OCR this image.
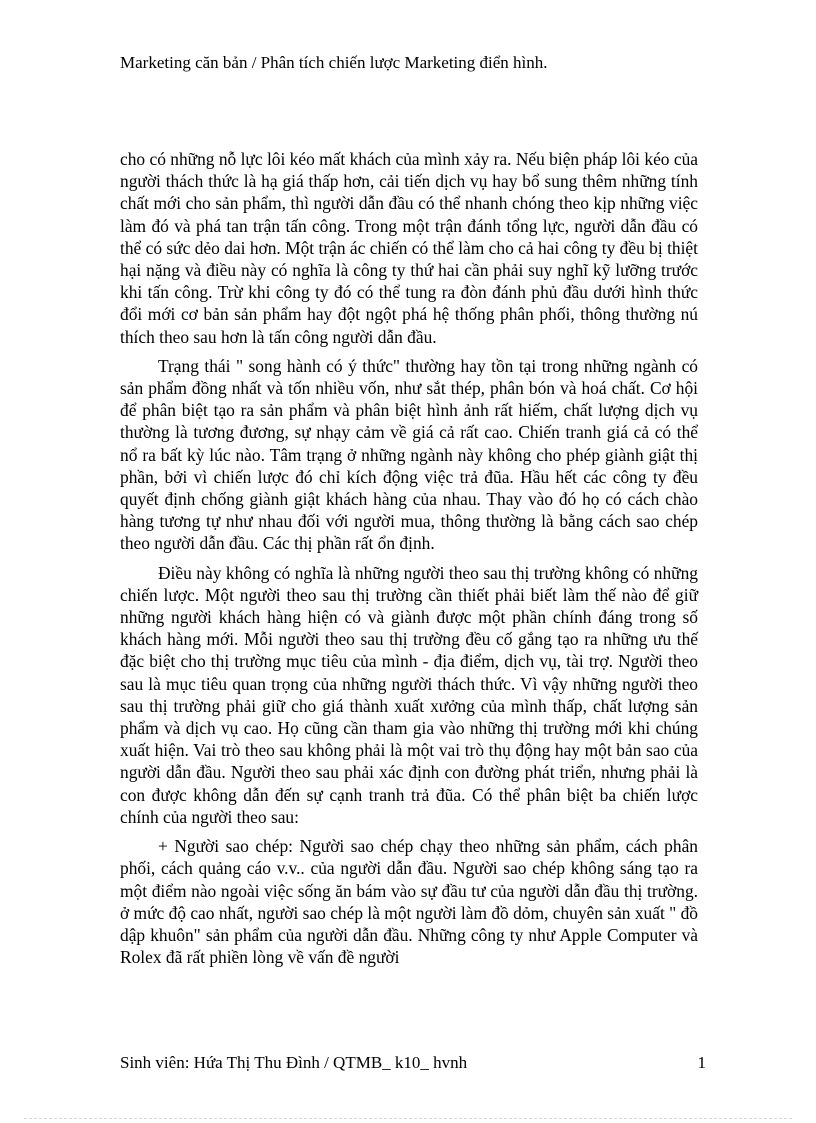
Marketing căn bản / Phân tích chiến lược Marketing điển hình.

cho có những nỗ lực lôi kéo mất khách của mình xảy ra. Nếu biện pháp lôi kéo của người thách thức là hạ giá thấp hơn, cải tiến dịch vụ hay bổ sung thêm những tính chất mới cho sản phẩm, thì người dẫn đầu có thể nhanh chóng theo kịp những việc làm đó và phá tan trận tấn công. Trong một trận đánh tổng lực, người dẫn đầu có thể có sức dẻo dai hơn. Một trận ác chiến có thể làm cho cả hai công ty đều bị thiệt hại nặng và điều này có nghĩa là công ty thứ hai cần phải suy nghĩ kỹ lưỡng trước khi tấn công. Trừ khi công ty đó có thể tung ra đòn đánh phủ đầu dưới hình thức đổi mới cơ bản sản phẩm hay đột ngột phá hệ thống phân phối, thông thường nú thích theo sau hơn là tấn công người dẫn đầu.

Trạng thái " song hành có ý thức" thường hay tồn tại trong những ngành có sản phẩm đồng nhất và tốn nhiều vốn, như sắt thép, phân bón và hoá chất. Cơ hội để phân biệt tạo ra sản phẩm và phân biệt hình ảnh rất hiếm, chất lượng dịch vụ thường là tương đương, sự nhạy cảm về giá cả rất cao. Chiến tranh giá cả có thể nổ ra bất kỳ lúc nào. Tâm trạng ở những ngành này không cho phép giành giật thị phần, bởi vì chiến lược đó chỉ kích động việc trả đũa. Hầu hết các công ty đều quyết định chống giành giật khách hàng của nhau. Thay vào đó họ có cách chào hàng tương tự như nhau đối với người mua, thông thường là bằng cách sao chép theo người dẫn đầu. Các thị phần rất ổn định.

Điều này không có nghĩa là những người theo sau thị trường không có những chiến lược. Một người theo sau thị trường cần thiết phải biết làm thế nào để giữ những người khách hàng hiện có và giành được một phần chính đáng trong số khách hàng mới. Mỗi người theo sau thị trường đều cố gắng tạo ra những ưu thế đặc biệt cho thị trường mục tiêu của mình - địa điểm, dịch vụ, tài trợ. Người theo sau là mục tiêu quan trọng của những người thách thức. Vì vậy những người theo sau thị trường phải giữ cho giá thành xuất xưởng của mình thấp, chất lượng sản phẩm và dịch vụ cao. Họ cũng cần tham gia vào những thị trường mới khi chúng xuất hiện. Vai trò theo sau không phải là một vai trò thụ động hay một bản sao của người dẫn đầu. Người theo sau phải xác định con đường phát triển, nhưng phải là con được không dẫn đến sự cạnh tranh trả đũa. Có thể phân biệt ba chiến lược chính của người theo sau:

+ Người sao chép: Người sao chép chạy theo những sản phẩm, cách phân phối, cách quảng cáo v.v.. của người dẫn đầu. Người sao chép không sáng tạo ra một điểm nào ngoài việc sống ăn bám vào sự đầu tư của người dẫn đầu thị trường. ở mức độ cao nhất, người sao chép là một người làm đồ dỏm, chuyên sản xuất " đồ dập khuôn" sản phẩm của người dẫn đầu. Những công ty như Apple Computer và Rolex đã rất phiền lòng về vấn đề người

Sinh viên: Hứa Thị Thu Đình / QTMB_ k10_ hvnh	1
